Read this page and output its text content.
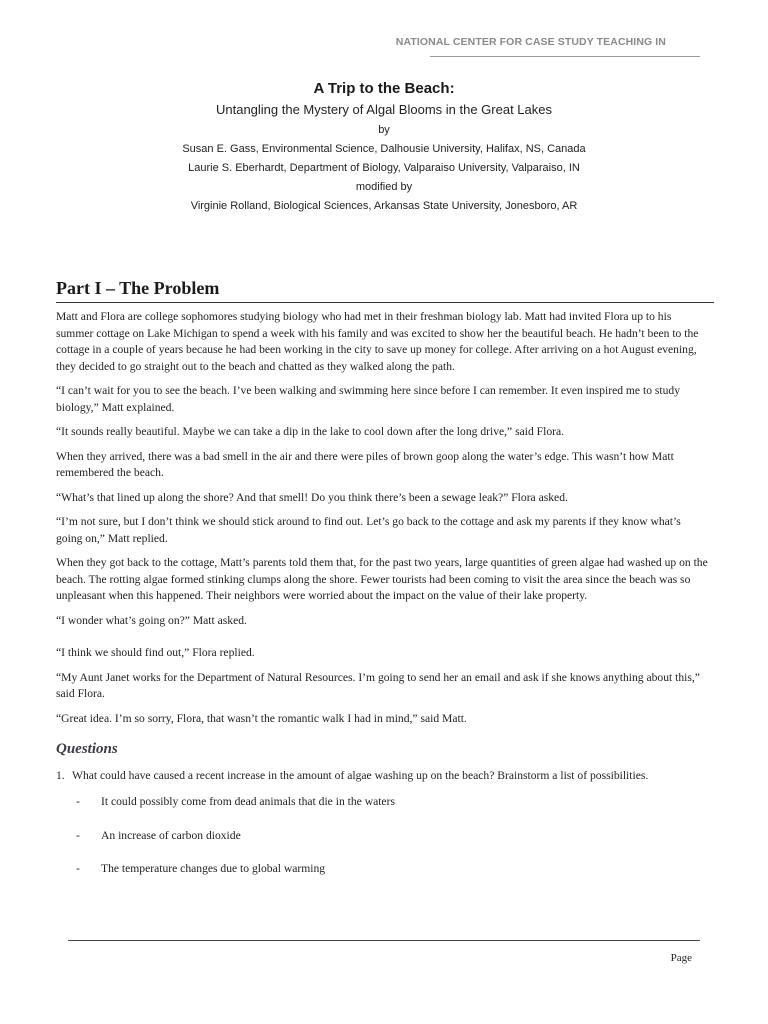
NATIONAL CENTER FOR CASE STUDY TEACHING IN

A Trip to the Beach:

Untangling the Mystery of Algal Blooms in the Great Lakes

by

Susan E. Gass, Environmental Science, Dalhousie University, Halifax, NS, Canada

Laurie S. Eberhardt, Department of Biology, Valparaiso University, Valparaiso, IN

modified by

Virginie Rolland, Biological Sciences, Arkansas State University, Jonesboro, AR

Part I – The Problem

Matt and Flora are college sophomores studying biology who had met in their freshman biology lab. Matt had invited Flora up to his summer cottage on Lake Michigan to spend a week with his family and was excited to show her the beautiful beach. He hadn’t been to the cottage in a couple of years because he had been working in the city to save up money for college. After arriving on a hot August evening, they decided to go straight out to the beach and chatted as they walked along the path.

“I can’t wait for you to see the beach. I’ve been walking and swimming here since before I can remember. It even inspired me to study biology,” Matt explained.

“It sounds really beautiful. Maybe we can take a dip in the lake to cool down after the long drive,” said Flora.

When they arrived, there was a bad smell in the air and there were piles of brown goop along the water’s edge. This wasn’t how Matt remembered the beach.

“What’s that lined up along the shore? And that smell! Do you think there’s been a sewage leak?” Flora asked.

“I’m not sure, but I don’t think we should stick around to find out. Let’s go back to the cottage and ask my parents if they know what’s going on,” Matt replied.

When they got back to the cottage, Matt’s parents told them that, for the past two years, large quantities of green algae had washed up on the beach. The rotting algae formed stinking clumps along the shore. Fewer tourists had been coming to visit the area since the beach was so unpleasant when this happened. Their neighbors were worried about the impact on the value of their lake property.

“I wonder what’s going on?” Matt asked.

“I think we should find out,” Flora replied.

“My Aunt Janet works for the Department of Natural Resources. I’m going to send her an email and ask if she knows anything about this,” said Flora.

“Great idea. I’m so sorry, Flora, that wasn’t the romantic walk I had in mind,” said Matt.

Questions
1. What could have caused a recent increase in the amount of algae washing up on the beach? Brainstorm a list of possibilities.
-	It could possibly come from dead animals that die in the waters
-	An increase of carbon dioxide
-	The temperature changes due to global warming
Page
